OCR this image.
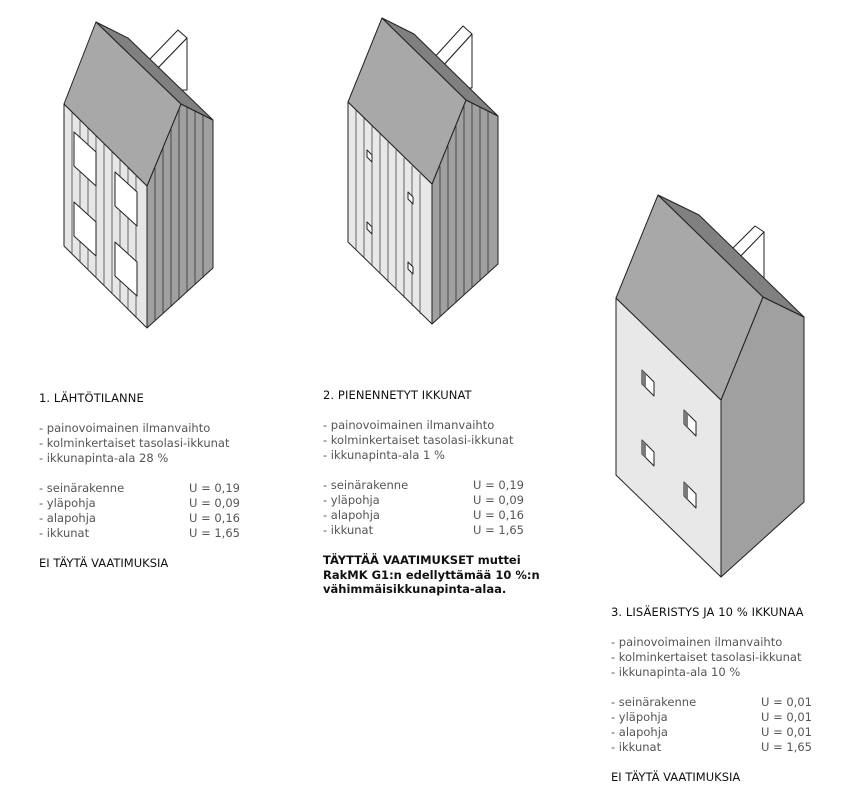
1. LÄHTÖTILANNE
- painovoimainen ilmanvaihto
- kolminkertaiset tasolasi-ikkunat
- ikkunapinta-ala 28 %
- seinärakenne	U = 0,19
- yläpohja	U = 0,09
- alapohja	U = 0,16
- ikkunat	U = 1,65
EI TÄYTÄ VAATIMUKSIA
2. PIENENNETYT IKKUNAT
- painovoimainen ilmanvaihto
- kolminkertaiset tasolasi-ikkunat
- ikkunapinta-ala 1 %
- seinärakenne	U = 0,19
- yläpohja	U = 0,09
- alapohja	U = 0,16
- ikkunat	U = 1,65
TÄYTTÄÄ VAATIMUKSET muttei
RakMK G1:n edellyttämää 10 %:n
vähimmäisikkunapinta-alaa.
3. LISÄERISTYS JA 10 % IKKUNAA
- painovoimainen ilmanvaihto
- kolminkertaiset tasolasi-ikkunat
- ikkunapinta-ala 10 %
- seinärakenne	U = 0,01
- yläpohja	U = 0,01
- alapohja	U = 0,01
- ikkunat	U = 1,65
EI TÄYTÄ VAATIMUKSIA
